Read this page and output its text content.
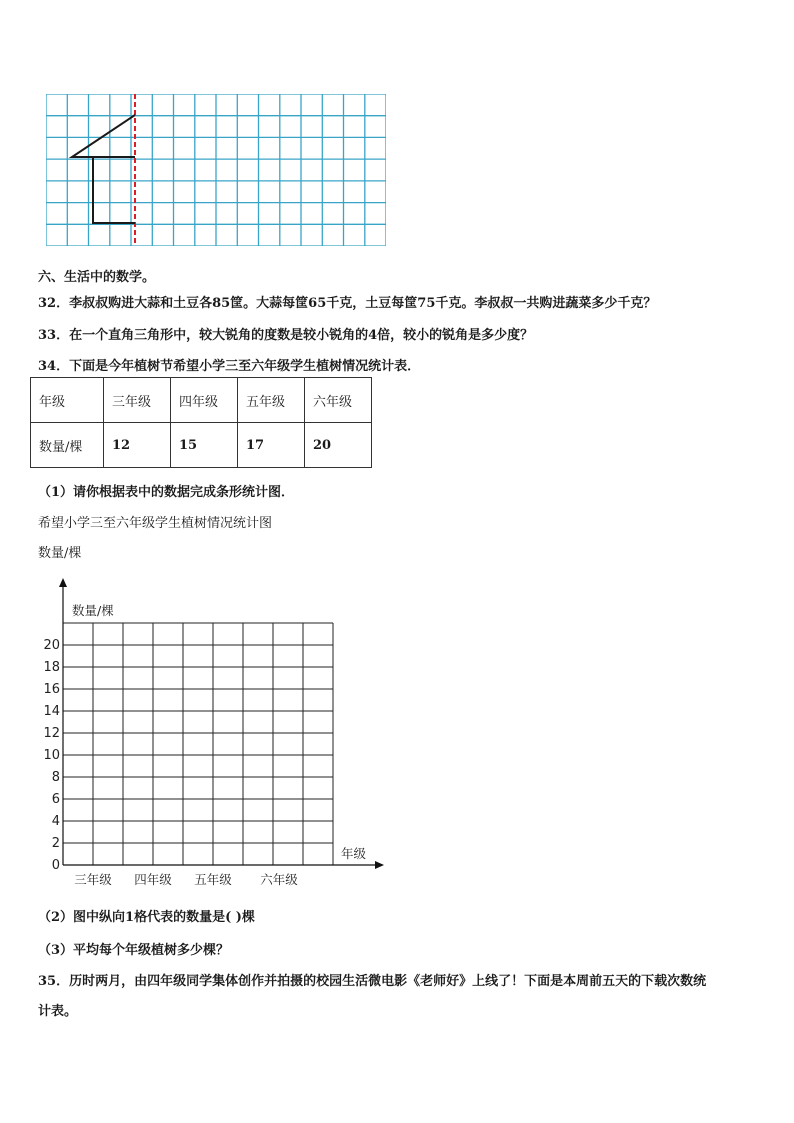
六、生活中的数学。
32．李叔叔购进大蒜和土豆各85筐。大蒜每筐65千克，土豆每筐75千克。李叔叔一共购进蔬菜多少千克？
33．在一个直角三角形中，较大锐角的度数是较小锐角的4倍，较小的锐角是多少度？
34．下面是今年植树节希望小学三至六年级学生植树情况统计表．
年级	三年级	四年级	五年级	六年级
数量/棵	12	15	17	20
（1）请你根据表中的数据完成条形统计图．
希望小学三至六年级学生植树情况统计图
数量/棵
数量/棵
年级
0
2
4
6
8
10
12
14
16
18
20
三年级 四年级 五年级 六年级
（2）图中纵向1格代表的数量是( )棵
（3）平均每个年级植树多少棵？
35．历时两月，由四年级同学集体创作并拍摄的校园生活微电影《老师好》上线了！下面是本周前五天的下载次数统
计表。
